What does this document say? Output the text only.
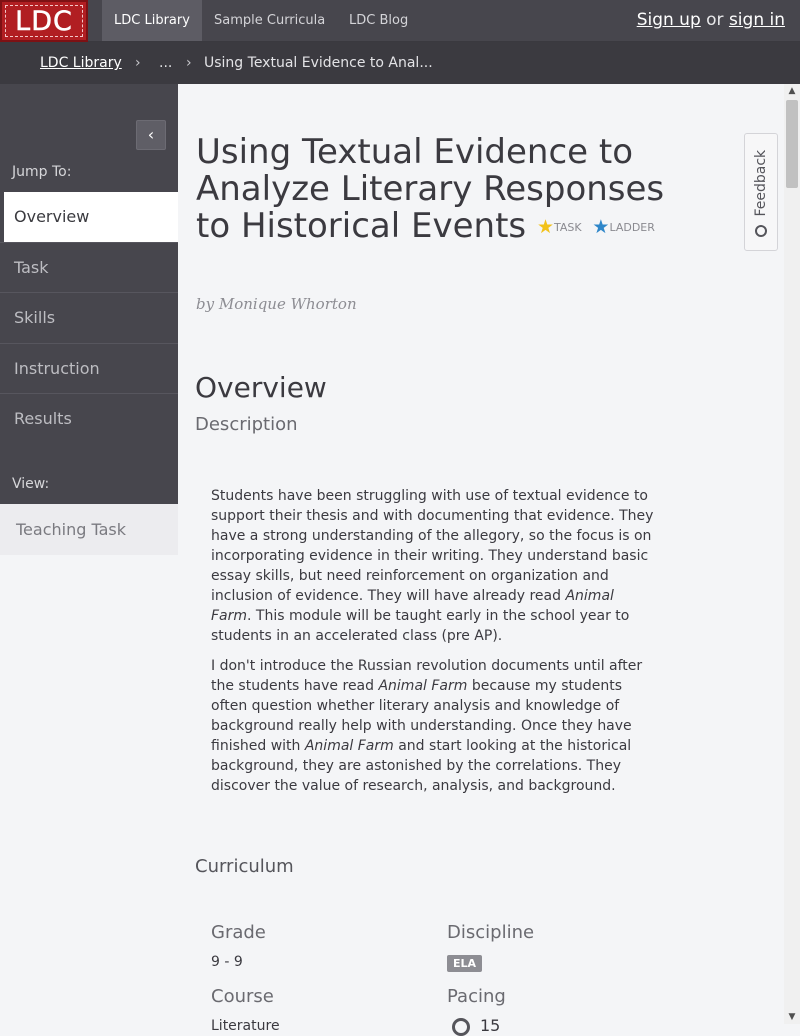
LDC	LDC Library	Sample Curricula	LDC Blog	Sign up or sign in
LDC Library › ... › Using Textual Evidence to Anal...
‹
Jump To:
Overview
Task
Skills
Instruction
Results
View:
Teaching Task
Using Textual Evidence to Analyze Literary Responses to Historical Events ★TASK ★LADDER
by Monique Whorton
Overview
Description

Students have been struggling with use of textual evidence to support their thesis and with documenting that evidence. They have a strong understanding of the allegory, so the focus is on incorporating evidence in their writing. They understand basic essay skills, but need reinforcement on organization and inclusion of evidence. They will have already read Animal Farm. This module will be taught early in the school year to students in an accelerated class (pre AP).

I don't introduce the Russian revolution documents until after the students have read Animal Farm because my students often question whether literary analysis and knowledge of background really help with understanding. Once they have finished with Animal Farm and start looking at the historical background, they are astonished by the correlations. They discover the value of research, analysis, and background.

Curriculum
Grade
9 - 9
Discipline
ELA
Course
Literature
Pacing
15
Feedback
▲
▼
